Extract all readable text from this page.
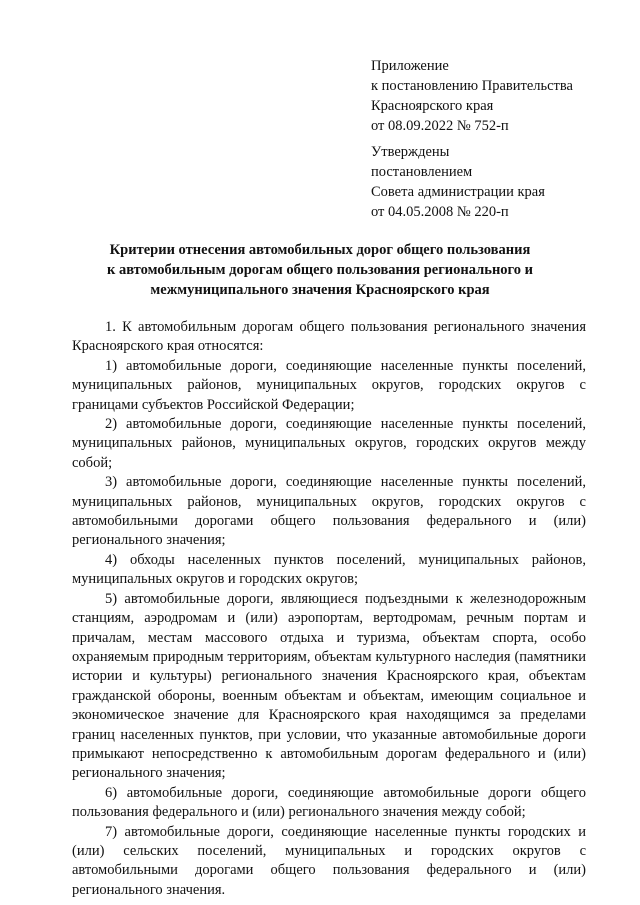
Приложение
к постановлению Правительства
Красноярского края
от 08.09.2022 № 752-п
Утверждены
постановлением
Совета администрации края
от 04.05.2008 № 220-п
Критерии отнесения автомобильных дорог общего пользования
к автомобильным дорогам общего пользования регионального и
межмуниципального значения Красноярского края

1. К автомобильным дорогам общего пользования регионального значения Красноярского края относятся:

1) автомобильные дороги, соединяющие населенные пункты поселений, муниципальных районов, муниципальных округов, городских округов с границами субъектов Российской Федерации;

2) автомобильные дороги, соединяющие населенные пункты поселений, муниципальных районов, муниципальных округов, городских округов между собой;

3) автомобильные дороги, соединяющие населенные пункты поселений, муниципальных районов, муниципальных округов, городских округов с автомобильными дорогами общего пользования федерального и (или) регионального значения;

4) обходы населенных пунктов поселений, муниципальных районов, муниципальных округов и городских округов;

5) автомобильные дороги, являющиеся подъездными к железнодорожным станциям, аэродромам и (или) аэропортам, вертодромам, речным портам и причалам, местам массового отдыха и туризма, объектам спорта, особо охраняемым природным территориям, объектам культурного наследия (памятники истории и культуры) регионального значения Красноярского края, объектам гражданской обороны, военным объектам и объектам, имеющим социальное и экономическое значение для Красноярского края находящимся за пределами границ населенных пунктов, при условии, что указанные автомобильные дороги примыкают непосредственно к автомобильным дорогам федерального и (или) регионального значения;

6) автомобильные дороги, соединяющие автомобильные дороги общего пользования федерального и (или) регионального значения между собой;

7) автомобильные дороги, соединяющие населенные пункты городских и (или) сельских поселений, муниципальных и городских округов с автомобильными дорогами общего пользования федерального и (или) регионального значения.
